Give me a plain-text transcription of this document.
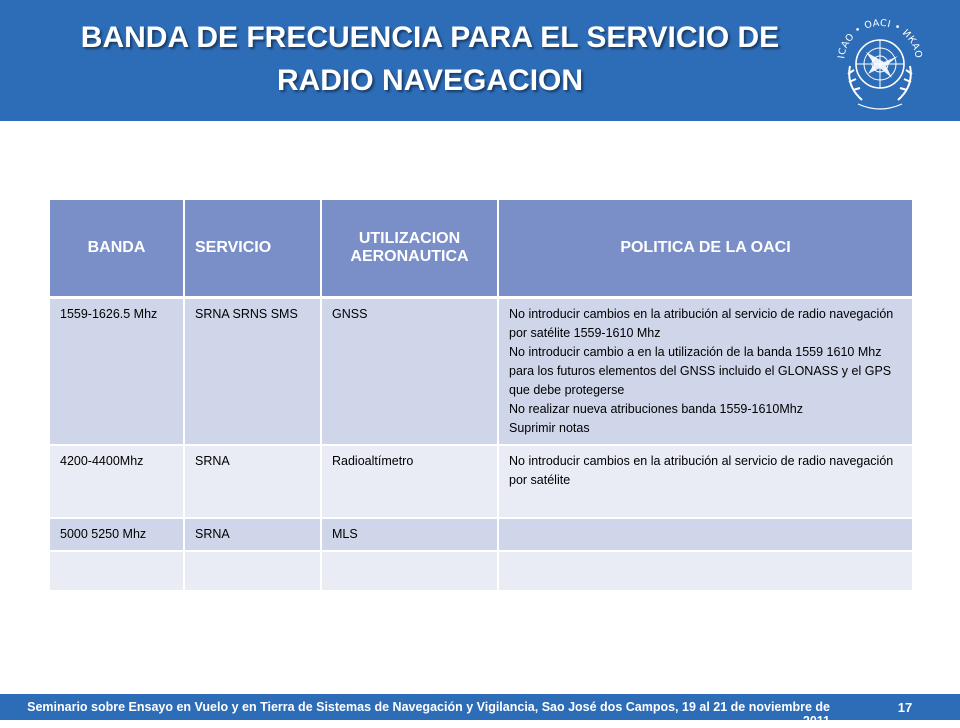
BANDA DE FRECUENCIA PARA EL SERVICIO DE
RADIO NAVEGACION
ICAO • OACI • ИКАО
BANDA	SERVICIO	UTILIZACION AERONAUTICA	POLITICA DE LA OACI
1559-1626.5 Mhz	SRNA SRNS SMS	GNSS	No introducir cambios en la atribución al servicio de radio navegación por satélite 1559-1610 Mhz
No introducir cambio a en la utilización de la banda 1559 1610 Mhz para los futuros elementos del GNSS incluido el GLONASS y el GPS que debe protegerse
No realizar nueva atribuciones banda 1559-1610Mhz
Suprimir notas

4200-4400Mhz	SRNA	Radioaltímetro	No introducir cambios en la atribución al servicio de radio navegación por satélite

5000 5250 Mhz	SRNA	MLS	

Seminario sobre Ensayo en Vuelo y en Tierra de Sistemas de Navegación y Vigilancia, Sao José dos Campos, 19 al 21 de noviembre de 2011
17
